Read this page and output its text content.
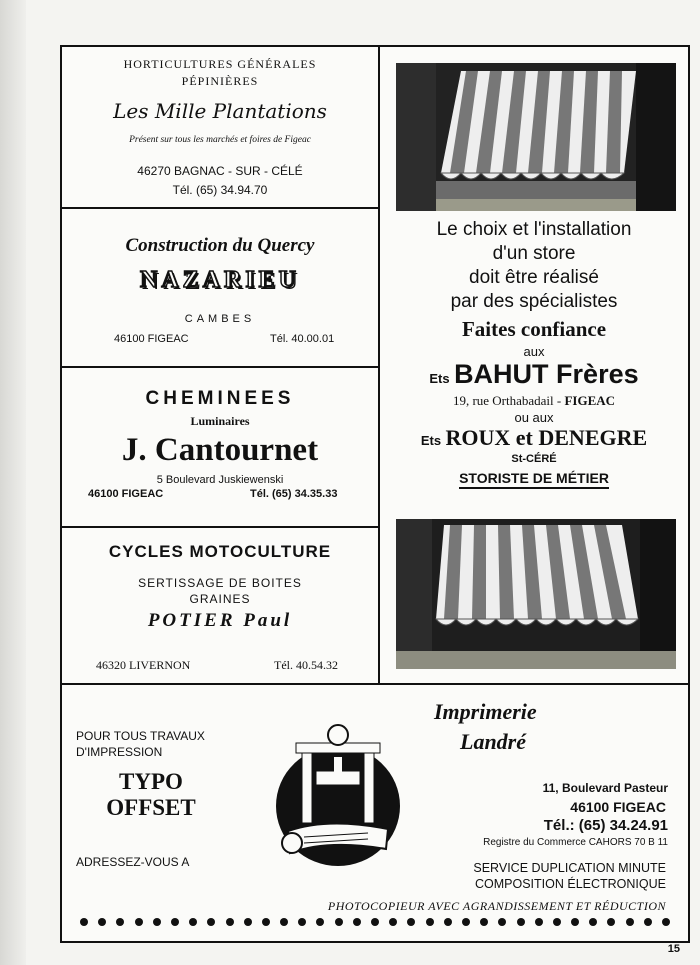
HORTICULTURES GÉNÉRALES
PÉPINIÈRES
Les Mille Plantations
Présent sur tous les marchés et foires de Figeac
46270 BAGNAC - SUR - CÉLÉ
Tél. (65) 34.94.70
Construction du Quercy
NAZARIEU
CAMBES
46100 FIGEAC	Tél. 40.00.01
CHEMINEES
Luminaires
J. Cantournet
5 Boulevard Juskiewenski
46100 FIGEAC	Tél. (65) 34.35.33
CYCLES MOTOCULTURE
SERTISSAGE DE BOITES
GRAINES
POTIER Paul
46320 LIVERNON	Tél. 40.54.32
Le choix et l'installation
d'un store
doit être réalisé
par des spécialistes
Faites confiance
aux
Ets BAHUT Frères
19, rue Orthabadail - FIGEAC
ou aux
Ets ROUX et DENEGRE
St-CÉRÉ
STORISTE DE MÉTIER
POUR TOUS TRAVAUX
D'IMPRESSION
TYPO
OFFSET
ADRESSEZ-VOUS A
Imprimerie
Landré
11, Boulevard Pasteur
46100 FIGEAC
Tél.: (65) 34.24.91
Registre du Commerce CAHORS 70 B 11
SERVICE DUPLICATION MINUTE
COMPOSITION ÉLECTRONIQUE
PHOTOCOPIEUR AVEC AGRANDISSEMENT ET RÉDUCTION
15
